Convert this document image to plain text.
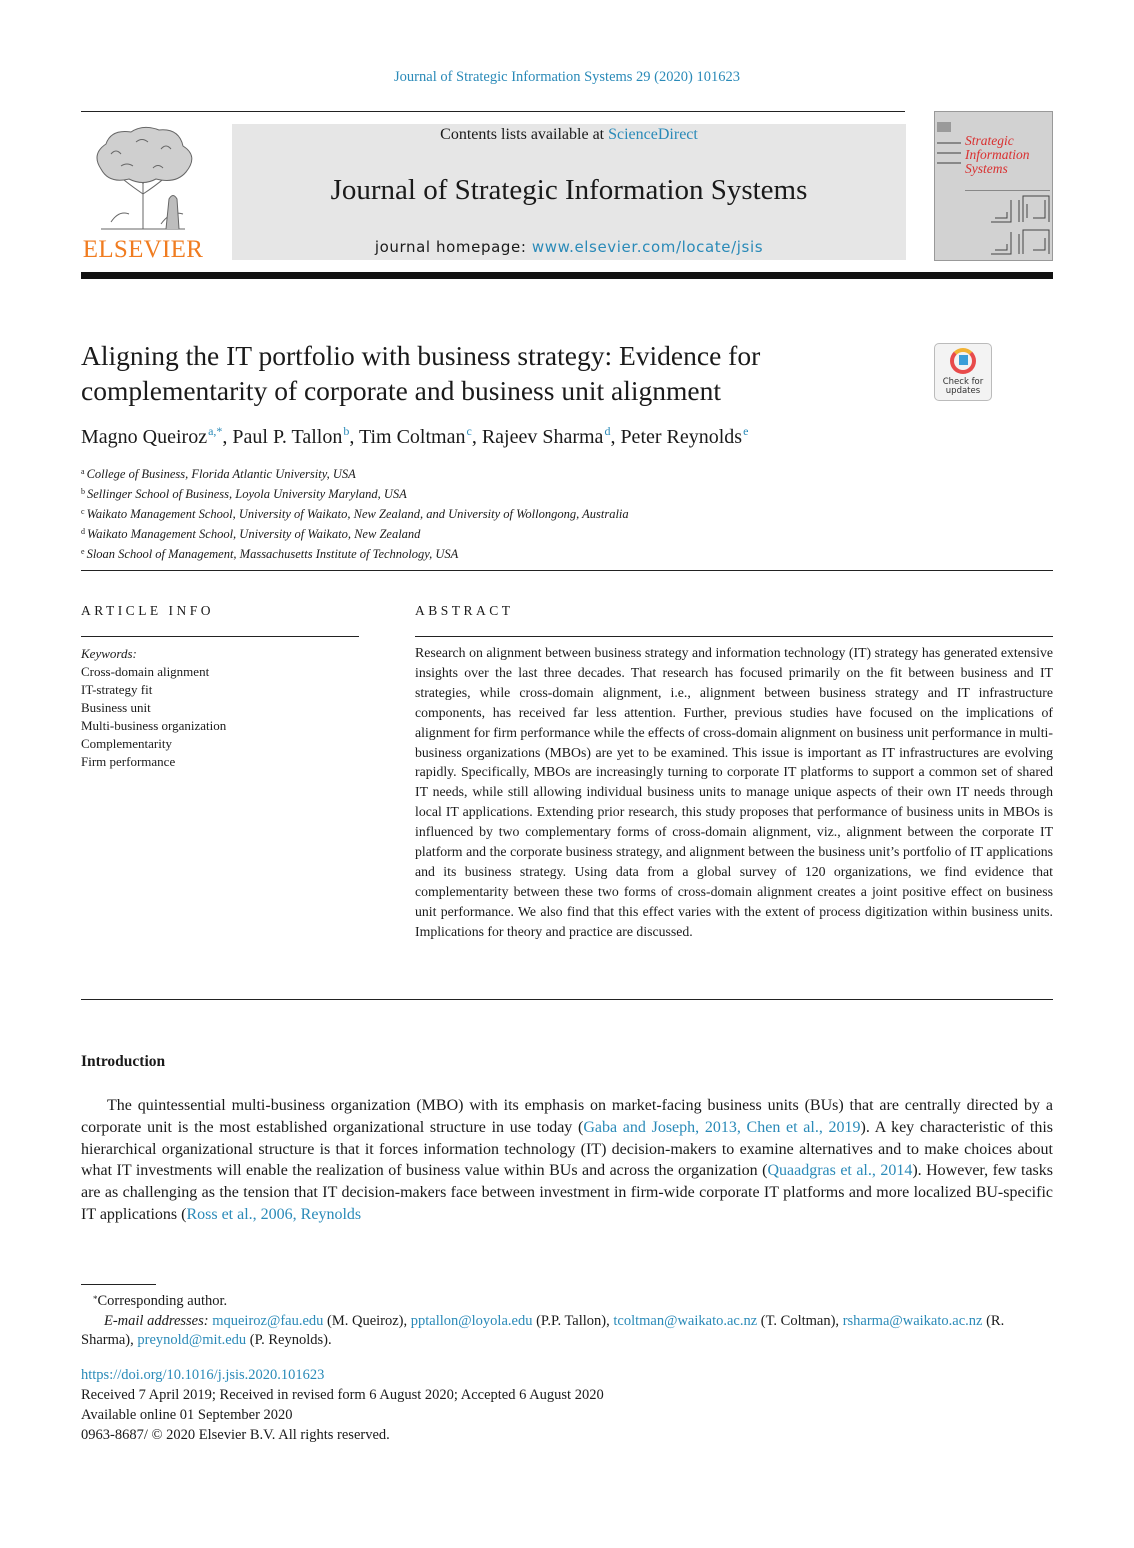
Journal of Strategic Information Systems 29 (2020) 101623
ELSEVIER
Contents lists available at ScienceDirect
Journal of Strategic Information Systems
journal homepage: www.elsevier.com/locate/jsis
Strategic Information Systems
Aligning the IT portfolio with business strategy: Evidence for complementarity of corporate and business unit alignment	Check for
updates
Magno Queiroz$^{a,*}$, Paul P. Tallon$^b$, Tim Coltman$^c$, Rajeev Sharma$^d$, Peter Reynolds$^e$
$^a$ College of Business, Florida Atlantic University, USA
$^b$ Sellinger School of Business, Loyola University Maryland, USA
$^c$ Waikato Management School, University of Waikato, New Zealand, and University of Wollongong, Australia
$^d$ Waikato Management School, University of Waikato, New Zealand
$^e$ Sloan School of Management, Massachusetts Institute of Technology, USA
ARTICLE INFO	ABSTRACT
Keywords:
Cross-domain alignment
IT-strategy fit
Business unit
Multi-business organization
Complementarity
Firm performance
Research on alignment between business strategy and information technology (IT) strategy has generated extensive insights over the last three decades. That research has focused primarily on the fit between business and IT strategies, while cross-domain alignment, i.e., alignment between business strategy and IT infrastructure components, has received far less attention. Further, previous studies have focused on the implications of alignment for firm performance while the effects of cross-domain alignment on business unit performance in multi-business organizations (MBOs) are yet to be examined. This issue is important as IT infrastructures are evolving rapidly. Specifically, MBOs are increasingly turning to corporate IT platforms to support a common set of shared IT needs, while still allowing individual business units to manage unique aspects of their own IT needs through local IT applications. Extending prior research, this study proposes that performance of business units in MBOs is influenced by two complementary forms of cross-domain alignment, viz., alignment between the corporate IT platform and the corporate business strategy, and alignment between the business unit’s portfolio of IT applications and its business strategy. Using data from a global survey of 120 organizations, we find evidence that complementarity between these two forms of cross-domain alignment creates a joint positive effect on business unit performance. We also find that this effect varies with the extent of process digitization within business units. Implications for theory and practice are discussed.
Introduction
The quintessential multi-business organization (MBO) with its emphasis on market-facing business units (BUs) that are centrally directed by a corporate unit is the most established organizational structure in use today (Gaba and Joseph, 2013, Chen et al., 2019). A key characteristic of this hierarchical organizational structure is that it forces information technology (IT) decision-makers to examine alternatives and to make choices about what IT investments will enable the realization of business value within BUs and across the organization (Quaadgras et al., 2014). However, few tasks are as challenging as the tension that IT decision-makers face between investment in firm-wide corporate IT platforms and more localized BU-specific IT applications (Ross et al., 2006, Reynolds
*Corresponding author.
E-mail addresses: mqueiroz@fau.edu (M. Queiroz), pptallon@loyola.edu (P.P. Tallon), tcoltman@waikato.ac.nz (T. Coltman), rsharma@waikato.ac.nz (R. Sharma), preynold@mit.edu (P. Reynolds).
https://doi.org/10.1016/j.jsis.2020.101623
Received 7 April 2019; Received in revised form 6 August 2020; Accepted 6 August 2020
Available online 01 September 2020
0963-8687/ © 2020 Elsevier B.V. All rights reserved.
